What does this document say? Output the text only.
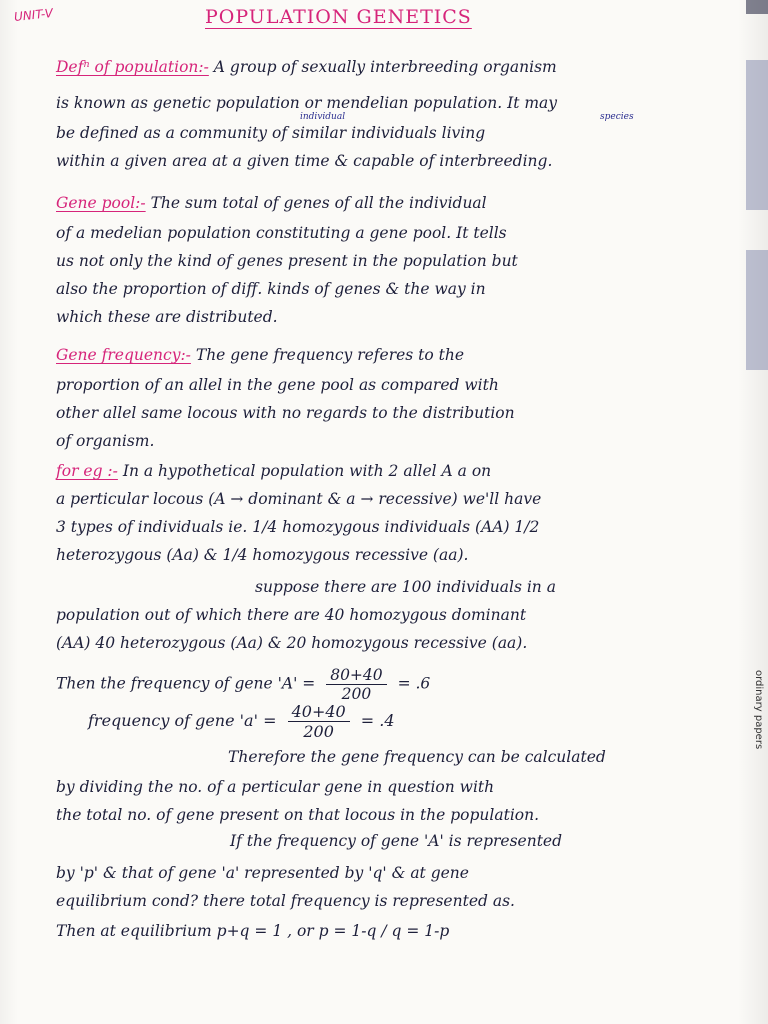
UNIT-V	POPULATION GENETICS
Defⁿ of population:- A group of sexually interbreeding organism
is known as genetic population or mendelian population. It may
individual	species
be defined as a community of similar individuals living
within a given area at a given time & capable of interbreeding.
Gene pool:- The sum total of genes of all the individual
of a medelian population constituting a gene pool. It tells
us not only the kind of genes present in the population but
also the proportion of diff. kinds of genes & the way in
which these are distributed.
Gene frequency:- The gene frequency referes to the
proportion of an allel in the gene pool as compared with
other allel same locous with no regards to the distribution
of organism.
for eg :- In a hypothetical population with 2 allel A a on
a perticular locous (A → dominant & a → recessive) we'll have
3 types of individuals ie. 1/4 homozygous individuals (AA) 1/2
heterozygous (Aa) & 1/4 homozygous recessive (aa).
suppose there are 100 individuals in a
population out of which there are 40 homozygous dominant
(AA) 40 heterozygous (Aa) & 20 homozygous recessive (aa).
Then the frequency of gene '$A' = \frac{80+40}{200} = .6$
frequency of gene '$a' = \frac{40+40}{200} = .4$
Therefore the gene frequency can be calculated
by dividing the no. of a perticular gene in question with
the total no. of gene present on that locous in the population.
If the frequency of gene 'A' is represented
by 'p' & that of gene 'a' represented by 'q' & at gene
equilibrium cond? there total frequency is represented as.
Then at equilibrium p+q = 1 , or p = 1-q / q = 1-p
ordinary papers
